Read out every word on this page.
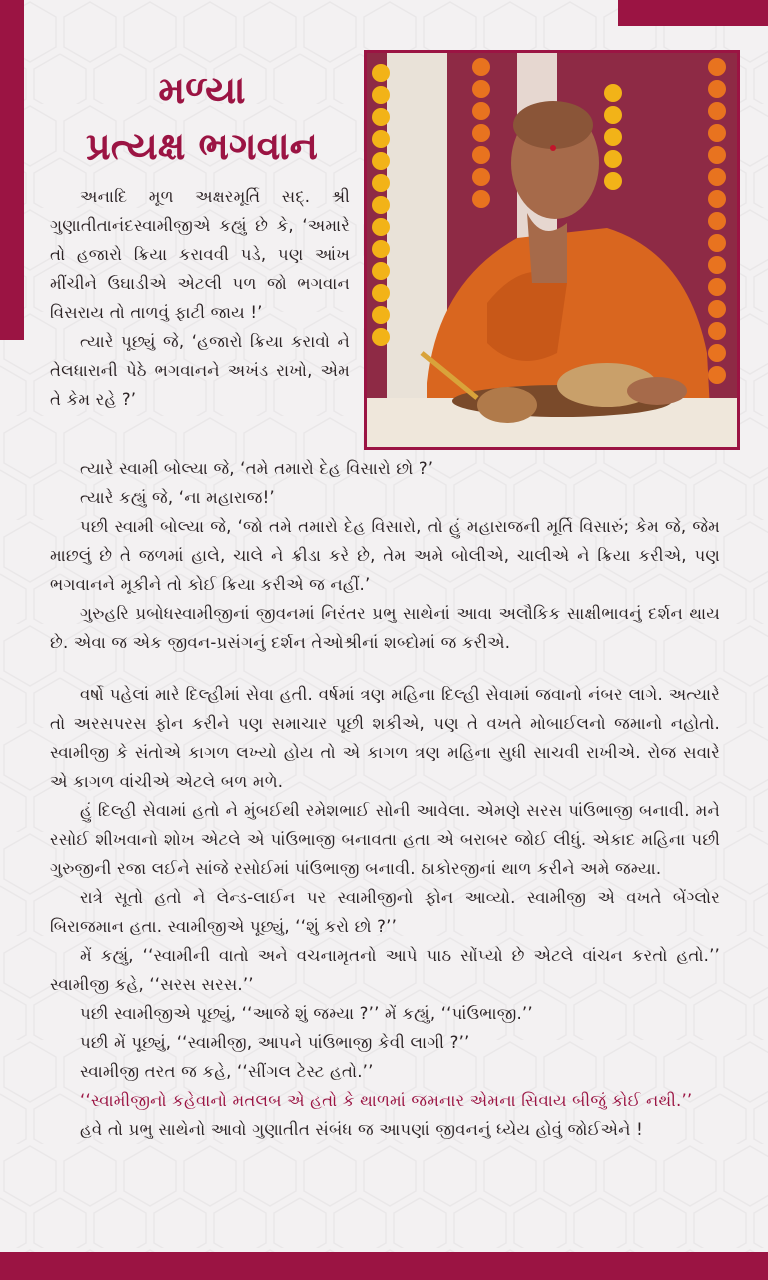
મળ્યા
પ્રત્યક્ષ ભગવાન

અનાદિ મૂળ અક્ષરમૂર્તિ સદ્. શ્રી ગુણાતીતાનંદસ્વામીજીએ કહ્યું છે કે, ‘અમારે તો હજારો ક્રિયા કરાવવી પડે, પણ આંખ મીંચીને ઉઘાડીએ એટલી પળ જો ભગવાન વિસરાય તો તાળવું ફાટી જાય !’

ત્યારે પૂછ્યું જે, ‘હજારો ક્રિયા કરાવો ને તેલધારાની પેઠે ભગવાનને અખંડ રાખો, એમ તે કેમ રહે ?’

ત્યારે સ્વામી બોલ્યા જે, ‘તમે તમારો દેહ વિસારો છો ?’

ત્યારે કહ્યું જે, ‘ના મહારાજ!’

પછી સ્વામી બોલ્યા જે, ‘જો તમે તમારો દેહ વિસારો, તો હું મહારાજની મૂર્તિ વિસારું; કેમ જે, જેમ માછલું છે તે જળમાં હાલે, ચાલે ને ક્રીડા કરે છે, તેમ અમે બોલીએ, ચાલીએ ને ક્રિયા કરીએ, પણ ભગવાનને મૂકીને તો કોઈ ક્રિયા કરીએ જ નહીં.’

ગુરુહરિ પ્રબોધસ્વામીજીનાં જીવનમાં નિરંતર પ્રભુ સાથેનાં આવા અલૌકિક સાક્ષીભાવનું દર્શન થાય છે. એવા જ એક જીવન-પ્રસંગનું દર્શન તેઓશ્રીનાં શબ્દોમાં જ કરીએ.

વર્ષો પહેલાં મારે દિલ્હીમાં સેવા હતી. વર્ષમાં ત્રણ મહિના દિલ્હી સેવામાં જવાનો નંબર લાગે. અત્યારે તો અરસપરસ ફોન કરીને પણ સમાચાર પૂછી શકીએ, પણ તે વખતે મોબાઈલનો જમાનો નહોતો. સ્વામીજી કે સંતોએ કાગળ લખ્યો હોય તો એ કાગળ ત્રણ મહિના સુધી સાચવી રાખીએ. રોજ સવારે એ કાગળ વાંચીએ એટલે બળ મળે.

હું દિલ્હી સેવામાં હતો ને મુંબઈથી રમેશભાઈ સોની આવેલા. એમણે સરસ પાંઉભાજી બનાવી. મને રસોઈ શીખવાનો શોખ એટલે એ પાંઉભાજી બનાવતા હતા એ બરાબર જોઈ લીધું. એકાદ મહિના પછી ગુરુજીની રજા લઈને સાંજે રસોઈમાં પાંઉભાજી બનાવી. ઠાકોરજીનાં થાળ કરીને અમે જમ્યા.

રાત્રે સૂતો હતો ને લેન્ડ-લાઈન પર સ્વામીજીનો ફોન આવ્યો. સ્વામીજી એ વખતે બેંગ્લોર બિરાજમાન હતા. સ્વામીજીએ પૂછ્યું, ‘‘શું કરો છો ?’’

મેં કહ્યું, ‘‘સ્વામીની વાતો અને વચનામૃતનો આપે પાઠ સોંપ્યો છે એટલે વાંચન કરતો હતો.’’ સ્વામીજી કહે, ‘‘સરસ સરસ.’’

પછી સ્વામીજીએ પૂછ્યું, ‘‘આજે શું જમ્યા ?’’ મેં કહ્યું, ‘‘પાંઉભાજી.’’

પછી મેં પૂછ્યું, ‘‘સ્વામીજી, આપને પાંઉભાજી કેવી લાગી ?’’

સ્વામીજી તરત જ કહે, ‘‘સીંગલ ટેસ્ટ હતો.’’

‘‘સ્વામીજીનો કહેવાનો મતલબ એ હતો કે થાળમાં જમનાર એમના સિવાય બીજું કોઈ નથી.’’

હવે તો પ્રભુ સાથેનો આવો ગુણાતીત સંબંધ જ આપણાં જીવનનું ધ્યેય હોવું જોઈએને !
